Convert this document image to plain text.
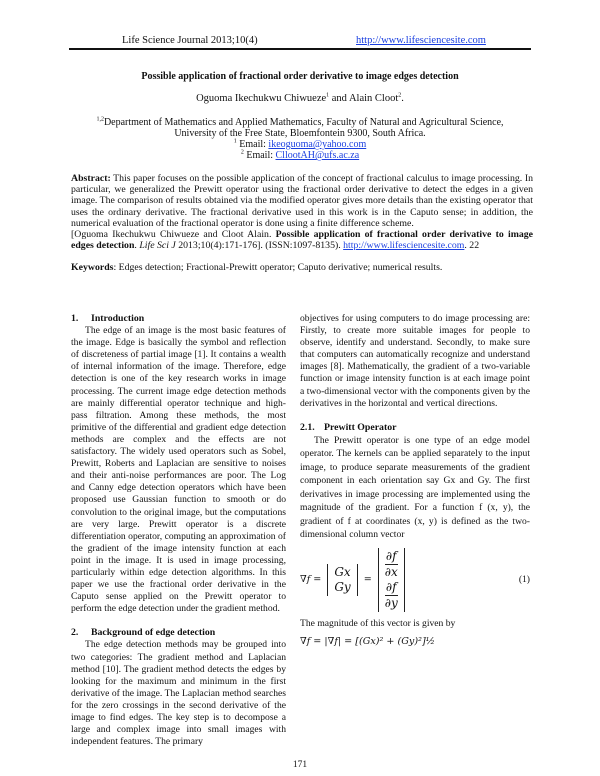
Life Science Journal 2013;10(4)	http://www.lifesciencesite.com
Possible application of fractional order derivative to image edges detection
Oguoma Ikechukwu Chiwueze$^1$ and Alain Cloot$^2$.
$^{1,2}$Department of Mathematics and Applied Mathematics, Faculty of Natural and Agricultural Science,
University of the Free State, Bloemfontein 9300, South Africa.
$^1$ Email: ikeoguoma@yahoo.com
$^2$ Email: CllootAH@ufs.ac.za
Abstract: This paper focuses on the possible application of the concept of fractional calculus to image processing. In particular, we generalized the Prewitt operator using the fractional order derivative to detect the edges in a given image. The comparison of results obtained via the modified operator gives more details than the existing operator that uses the ordinary derivative. The fractional derivative used in this work is in the Caputo sense; in addition, the numerical evaluation of the fractional operator is done using a finite difference scheme.
[Oguoma Ikechukwu Chiwueze and Cloot Alain. Possible application of fractional order derivative to image edges detection. Life Sci J 2013;10(4):171-176]. (ISSN:1097-8135). http://www.lifesciencesite.com. 22
Keywords: Edges detection; Fractional-Prewitt operator; Caputo derivative; numerical results.
1. Introduction

The edge of an image is the most basic features of the image. Edge is basically the symbol and reflection of discreteness of partial image [1]. It contains a wealth of internal information of the image. Therefore, edge detection is one of the key research works in image processing. The current image edge detection methods are mainly differential operator technique and high-pass filtration. Among these methods, the most primitive of the differential and gradient edge detection methods are complex and the effects are not satisfactory. The widely used operators such as Sobel, Prewitt, Roberts and Laplacian are sensitive to noises and their anti-noise performances are poor. The Log and Canny edge detection operators which have been proposed use Gaussian function to smooth or do convolution to the original image, but the computations are very large. Prewitt operator is a discrete differentiation operator, computing an approximation of the gradient of the image intensity function at each point in the image. It is used in image processing, particularly within edge detection algorithms. In this paper we use the fractional order derivative in the Caputo sense applied on the Prewitt operator to perform the edge detection under the gradient method.

2. Background of edge detection

The edge detection methods may be grouped into two categories: The gradient method and Laplacian method [10]. The gradient method detects the edges by looking for the maximum and minimum in the first derivative of the image. The Laplacian method searches for the zero crossings in the second derivative of the image to find edges. The key step is to decompose a large and complex image into small images with independent features. The primary

objectives for using computers to do image processing are: Firstly, to create more suitable images for people to observe, identify and understand. Secondly, to make sure that computers can automatically recognize and understand images [8]. Mathematically, the gradient of a two-variable function or image intensity function is at each image point a two-dimensional vector with the components given by the derivatives in the horizontal and vertical directions.

2.1. Prewitt Operator

The Prewitt operator is one type of an edge model operator. The kernels can be applied separately to the input image, to produce separate measurements of the gradient component in each orientation say Gx and Gy. The first derivatives in image processing are implemented using the magnitude of the gradient. For a function f (x, y), the gradient of f at coordinates (x, y) is defined as the two-dimensional column vector

∇f =
Gx
Gy
=
∂f
∂x
∂f
∂y
(1)

The magnitude of this vector is given by

∇f = |∇f| = [(Gx)² + (Gy)²]½
171
